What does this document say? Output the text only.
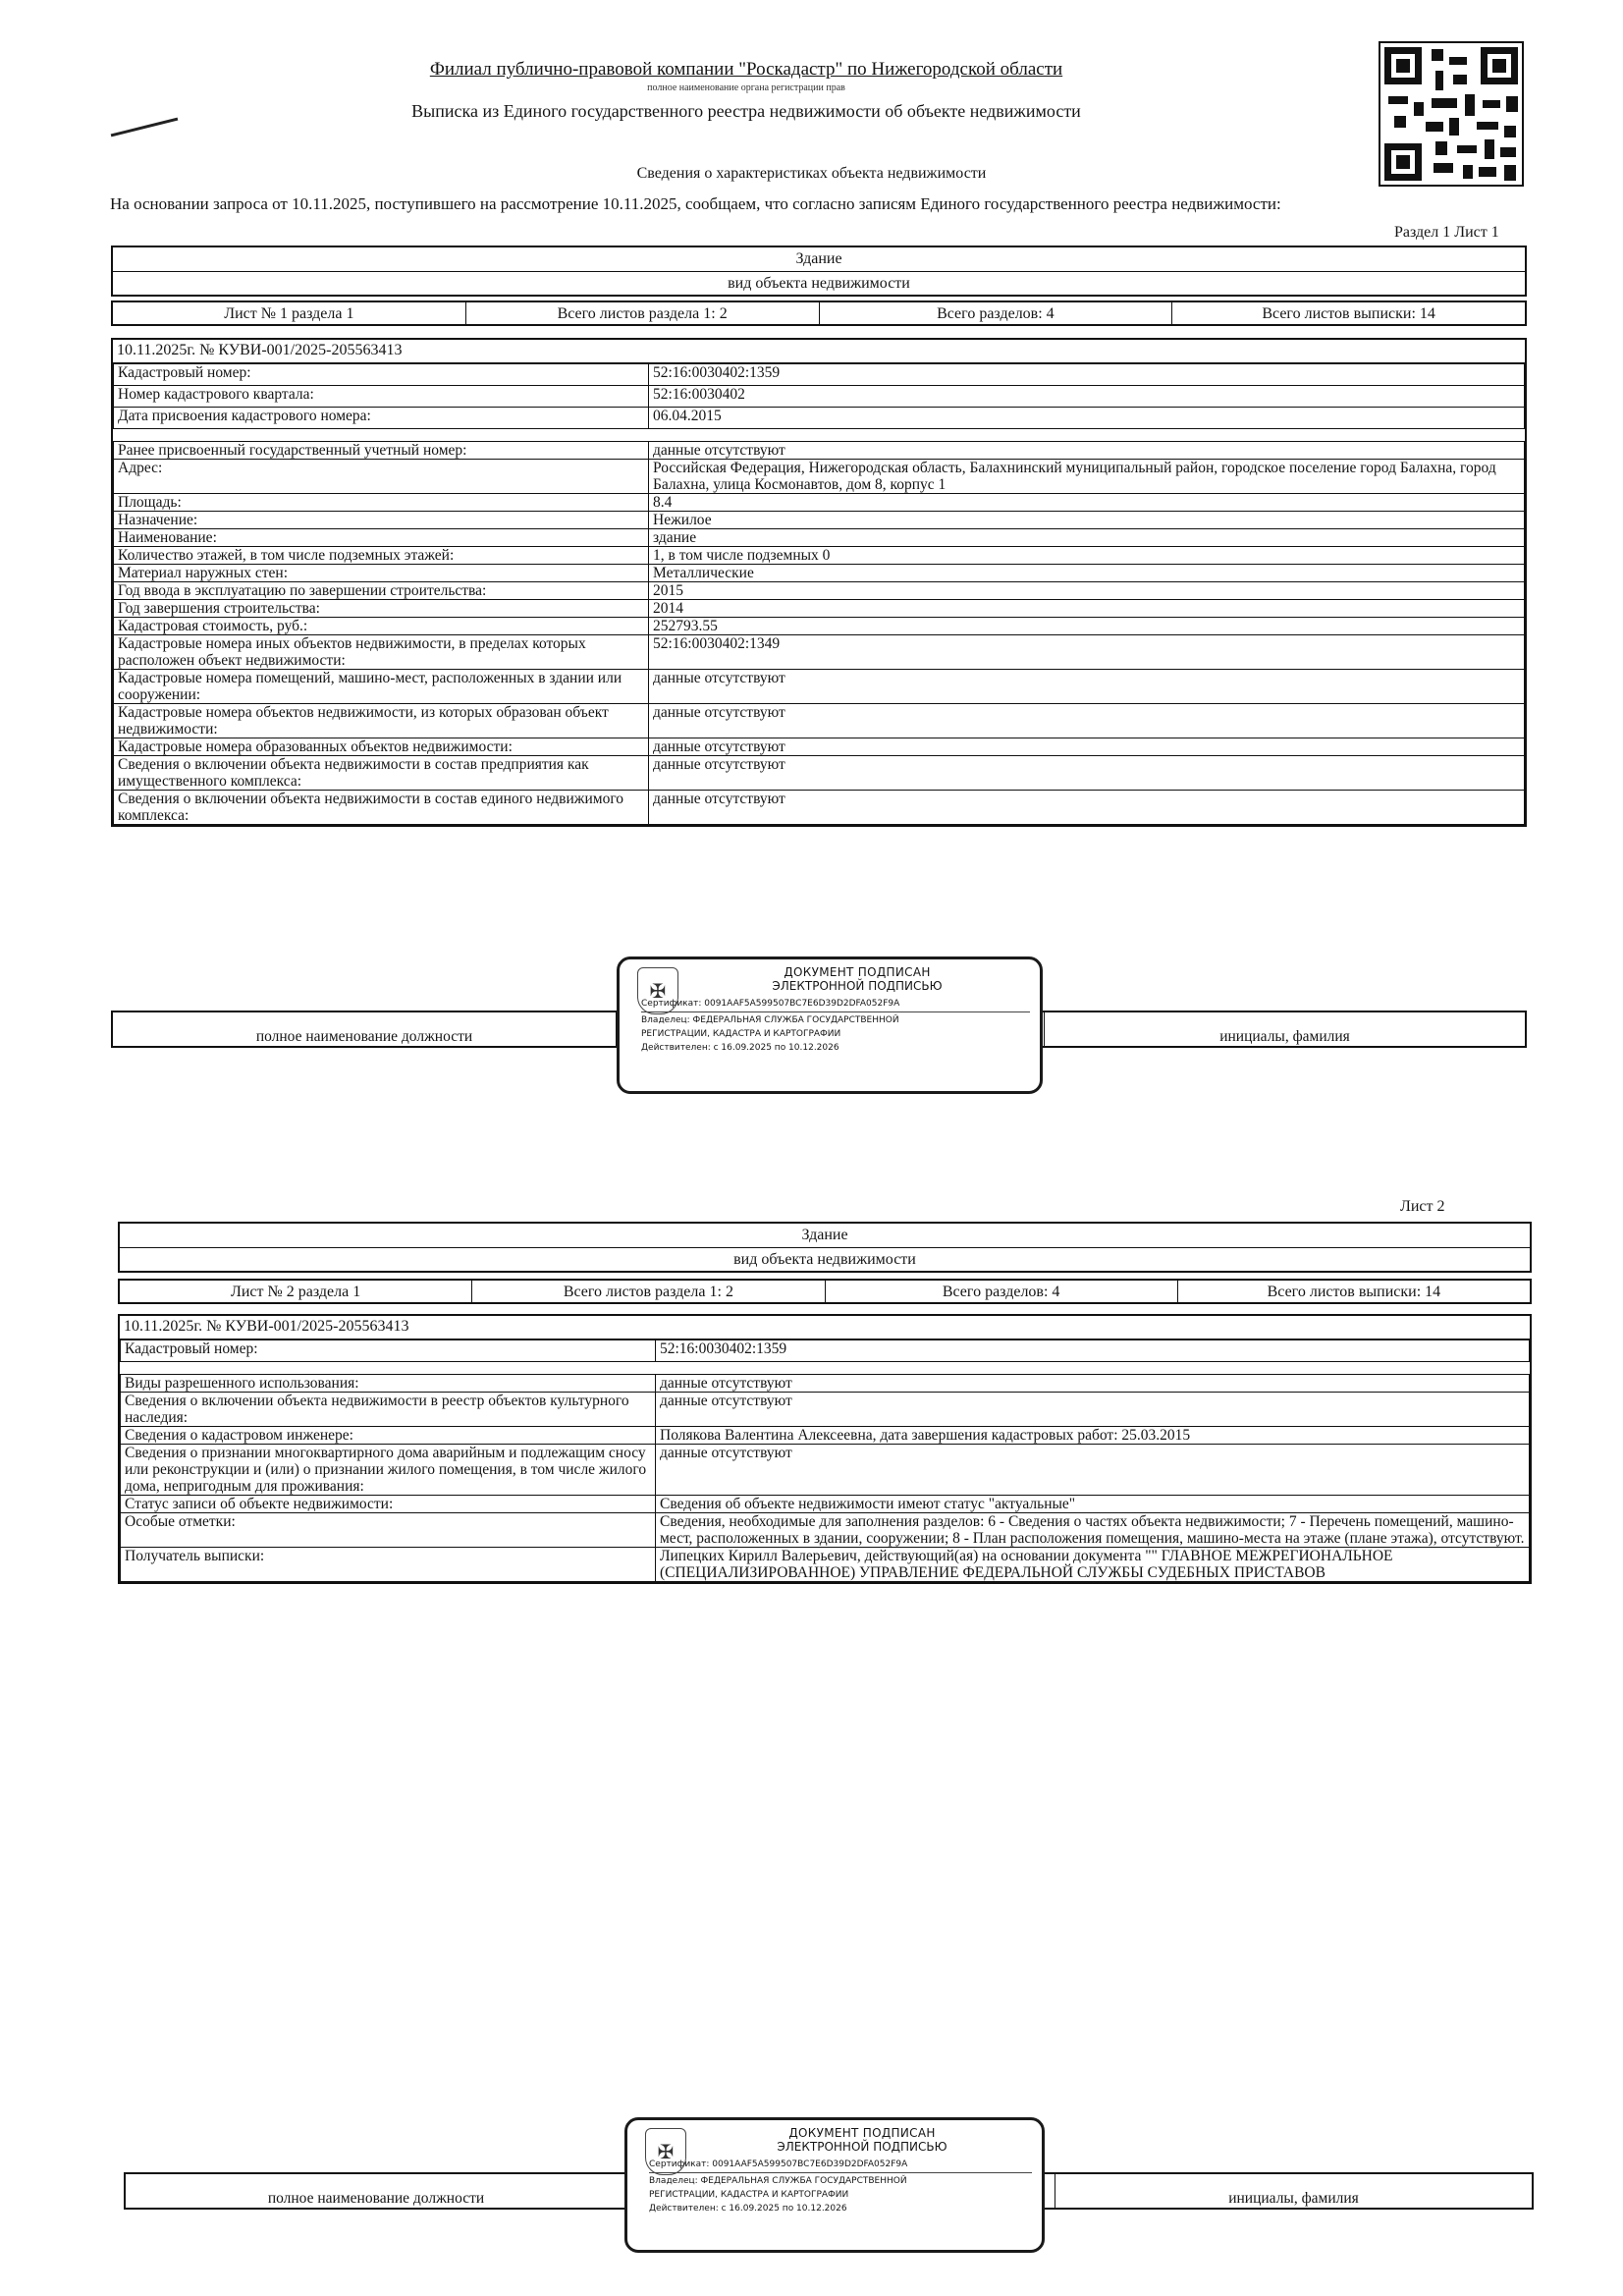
Филиал публично-правовой компании "Роскадастр" по Нижегородской области
полное наименование органа регистрации прав
Выписка из Единого государственного реестра недвижимости об объекте недвижимости
Сведения о характеристиках объекта недвижимости
На основании запроса от 10.11.2025, поступившего на рассмотрение 10.11.2025, сообщаем, что согласно записям Единого государственного реестра недвижимости:
Раздел 1 Лист 1
Здание
вид объекта недвижимости
Лист № 1 раздела 1	Всего листов раздела 1: 2	Всего разделов: 4	Всего листов выписки: 14
10.11.2025г. № КУВИ-001/2025-205563413
Кадастровый номер:	52:16:0030402:1359
Номер кадастрового квартала:	52:16:0030402
Дата присвоения кадастрового номера:	06.04.2015
Ранее присвоенный государственный учетный номер:	данные отсутствуют
Адрес:	Российская Федерация, Нижегородская область, Балахнинский муниципальный район, городское поселение город Балахна, город Балахна, улица Космонавтов, дом 8, корпус 1
Площадь:	8.4
Назначение:	Нежилое
Наименование:	здание
Количество этажей, в том числе подземных этажей:	1, в том числе подземных 0
Материал наружных стен:	Металлические
Год ввода в эксплуатацию по завершении строительства:	2015
Год завершения строительства:	2014
Кадастровая стоимость, руб.:	252793.55
Кадастровые номера иных объектов недвижимости, в пределах которых расположен объект недвижимости:	52:16:0030402:1349
Кадастровые номера помещений, машино-мест, расположенных в здании или сооружении:	данные отсутствуют
Кадастровые номера объектов недвижимости, из которых образован объект недвижимости:	данные отсутствуют
Кадастровые номера образованных объектов недвижимости:	данные отсутствуют
Сведения о включении объекта недвижимости в состав предприятия как имущественного комплекса:	данные отсутствуют
Сведения о включении объекта недвижимости в состав единого недвижимого комплекса:	данные отсутствуют
полное наименование должности	инициалы, фамилия
✠
ДОКУМЕНТ ПОДПИСАН
ЭЛЕКТРОННОЙ ПОДПИСЬЮ
Сертификат: 0091AAF5A599507BC7E6D39D2DFA052F9A
Владелец: ФЕДЕРАЛЬНАЯ СЛУЖБА ГОСУДАРСТВЕННОЙ
РЕГИСТРАЦИИ, КАДАСТРА И КАРТОГРАФИИ
Действителен: с 16.09.2025 по 10.12.2026
Лист 2
Здание
вид объекта недвижимости
Лист № 2 раздела 1	Всего листов раздела 1: 2	Всего разделов: 4	Всего листов выписки: 14
10.11.2025г. № КУВИ-001/2025-205563413
Кадастровый номер:	52:16:0030402:1359
Виды разрешенного использования:	данные отсутствуют
Сведения о включении объекта недвижимости в реестр объектов культурного наследия:	данные отсутствуют
Сведения о кадастровом инженере:	Полякова Валентина Алексеевна, дата завершения кадастровых работ: 25.03.2015
Сведения о признании многоквартирного дома аварийным и подлежащим сносу или реконструкции и (или) о признании жилого помещения, в том числе жилого дома, непригодным для проживания:	данные отсутствуют
Статус записи об объекте недвижимости:	Сведения об объекте недвижимости имеют статус "актуальные"
Особые отметки:	Сведения, необходимые для заполнения разделов: 6 - Сведения о частях объекта недвижимости; 7 - Перечень помещений, машино-мест, расположенных в здании, сооружении; 8 - План расположения помещения, машино-места на этаже (плане этажа), отсутствуют.
Получатель выписки:	Липецких Кирилл Валерьевич, действующий(ая) на основании документа "" ГЛАВНОЕ МЕЖРЕГИОНАЛЬНОЕ (СПЕЦИАЛИЗИРОВАННОЕ) УПРАВЛЕНИЕ ФЕДЕРАЛЬНОЙ СЛУЖБЫ СУДЕБНЫХ ПРИСТАВОВ
полное наименование должности	инициалы, фамилия
✠
ДОКУМЕНТ ПОДПИСАН
ЭЛЕКТРОННОЙ ПОДПИСЬЮ
Сертификат: 0091AAF5A599507BC7E6D39D2DFA052F9A
Владелец: ФЕДЕРАЛЬНАЯ СЛУЖБА ГОСУДАРСТВЕННОЙ
РЕГИСТРАЦИИ, КАДАСТРА И КАРТОГРАФИИ
Действителен: с 16.09.2025 по 10.12.2026
